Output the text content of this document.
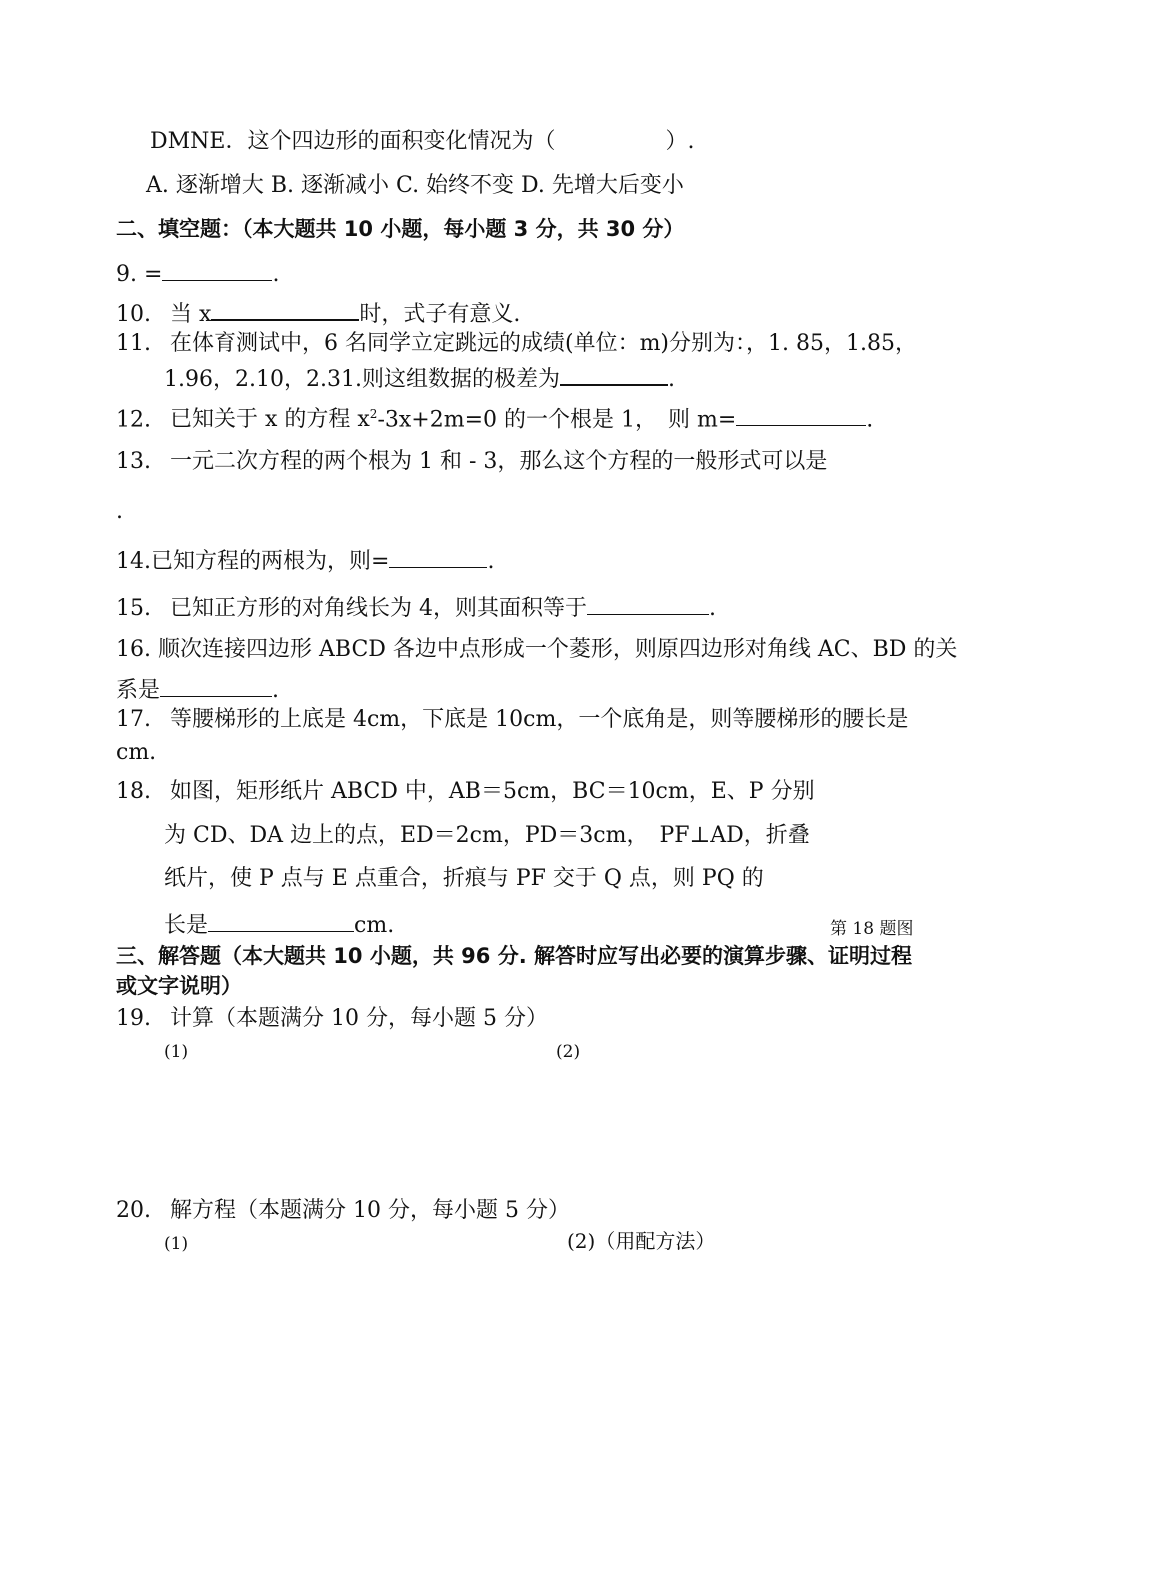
DMNE．这个四边形的面积变化情况为（　　　　　）.
A. 逐渐增大 B. 逐渐减小 C. 始终不变 D. 先增大后变小
二、填空题：（本大题共 10 小题，每小题 3 分，共 30 分）
9. =	.
10. 当 x	时，式子有意义.
11. 在体育测试中，6 名同学立定跳远的成绩(单位：m)分别为：，1. 85，1.85，
1.96，2.10，2.31.则这组数据的极差为	.
12. 已知关于 x 的方程 $x^2-3x+2m=0$ 的一个根是 1，　则 m=	.
13. 一元二次方程的两个根为 1 和 - 3，那么这个方程的一般形式可以是
.
14.已知方程的两根为，则=	.
15. 已知正方形的对角线长为 4，则其面积等于	.
16. 顺次连接四边形 ABCD 各边中点形成一个菱形，则原四边形对角线 AC、BD 的关
系是	.
17. 等腰梯形的上底是 4cm，下底是 10cm，一个底角是，则等腰梯形的腰长是
cm.
18. 如图，矩形纸片 ABCD 中，AB＝5cm，BC＝10cm，E、P 分别
为 CD、DA 边上的点，ED＝2cm，PD＝3cm，　PF⊥AD，折叠
纸片，使 P 点与 E 点重合，折痕与 PF 交于 Q 点，则 PQ 的
长是	cm.	第 18 题图
三、解答题（本大题共 10 小题，共 96 分. 解答时应写出必要的演算步骤、证明过程
或文字说明）
19. 计算（本题满分 10 分，每小题 5 分）
(1)	(2)
20. 解方程（本题满分 10 分，每小题 5 分）
(1)	(2)（用配方法）
